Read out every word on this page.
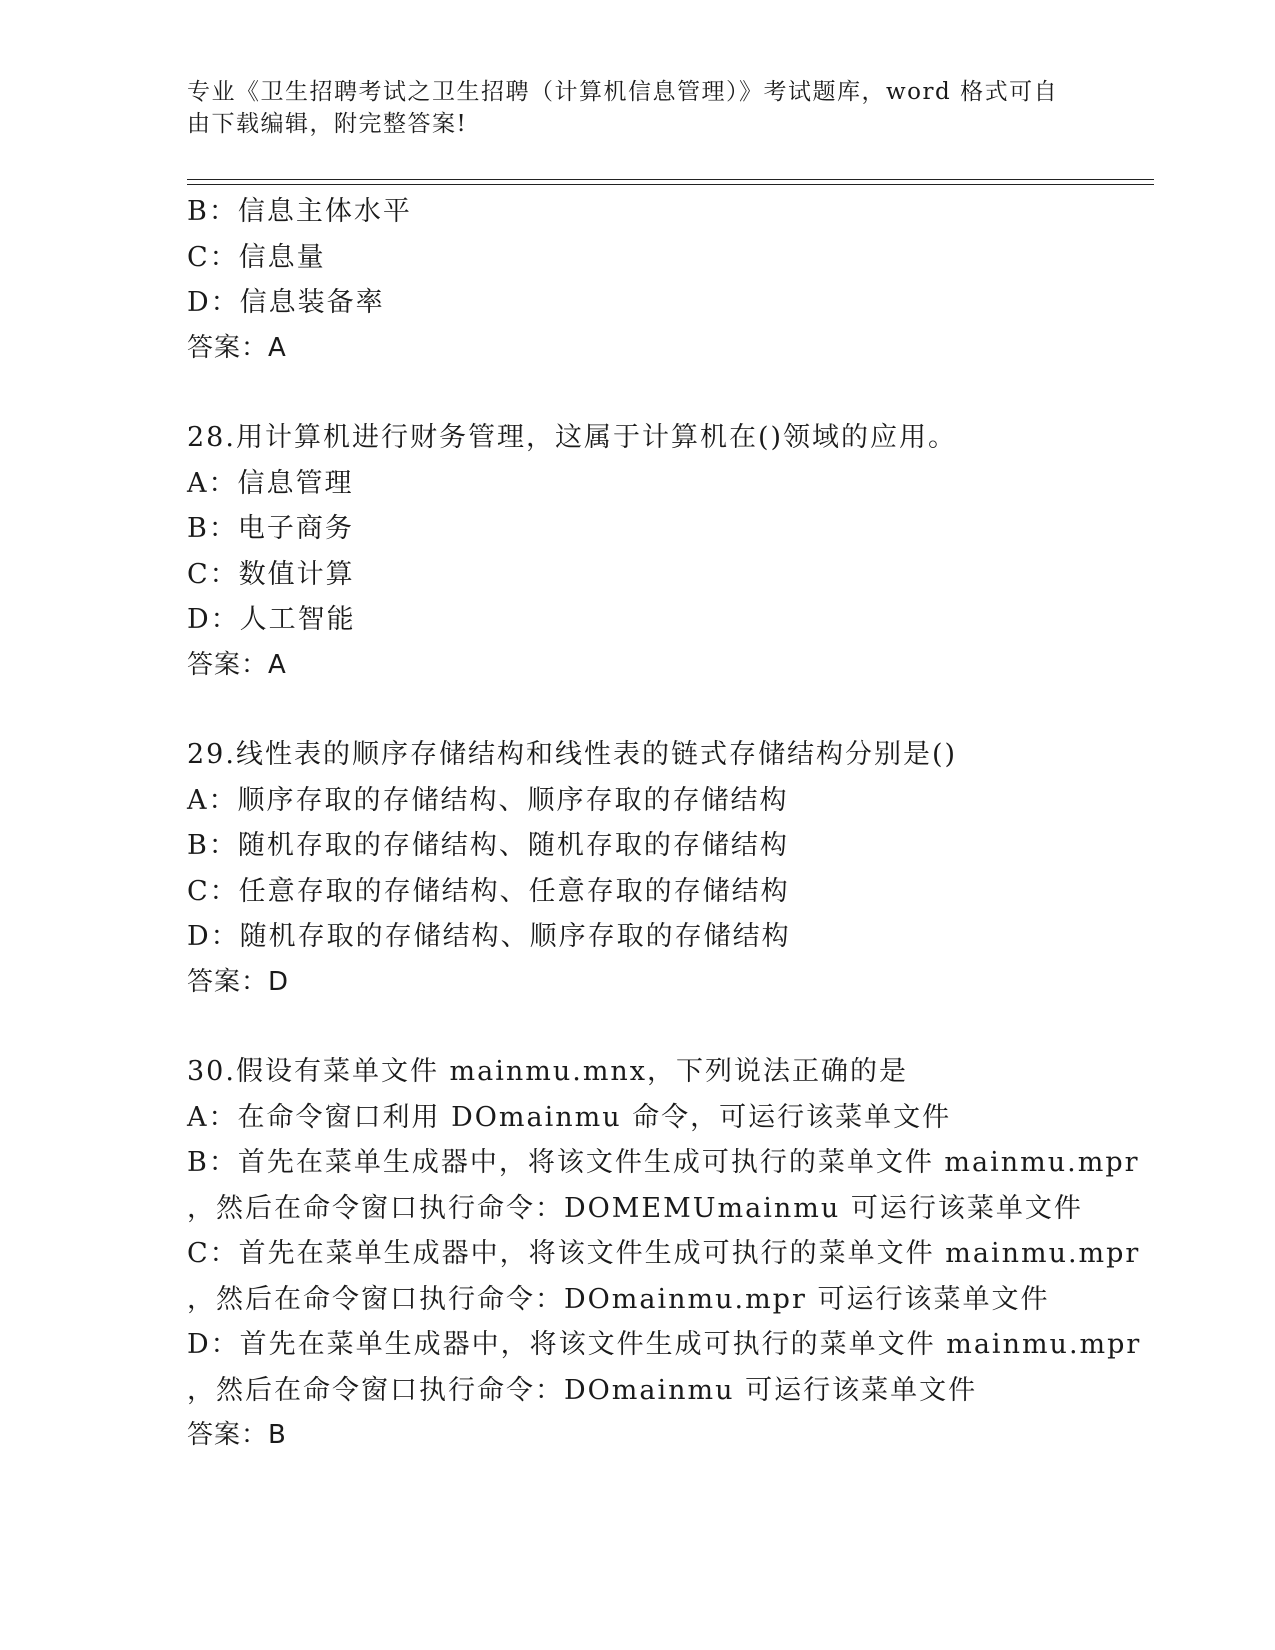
专业《卫生招聘考试之卫生招聘（计算机信息管理）》考试题库，word 格式可自
由下载编辑，附完整答案!
B：信息主体水平
C：信息量
D：信息装备率
答案：A
28.用计算机进行财务管理，这属于计算机在()领域的应用。
A：信息管理
B：电子商务
C：数值计算
D：人工智能
答案：A
29.线性表的顺序存储结构和线性表的链式存储结构分别是()
A：顺序存取的存储结构、顺序存取的存储结构
B：随机存取的存储结构、随机存取的存储结构
C：任意存取的存储结构、任意存取的存储结构
D：随机存取的存储结构、顺序存取的存储结构
答案：D
30.假设有菜单文件 mainmu.mnx，下列说法正确的是
A：在命令窗口利用 DOmainmu 命令，可运行该菜单文件
B：首先在菜单生成器中，将该文件生成可执行的菜单文件 mainmu.mpr
，然后在命令窗口执行命令：DOMEMUmainmu 可运行该菜单文件
C：首先在菜单生成器中，将该文件生成可执行的菜单文件 mainmu.mpr
，然后在命令窗口执行命令：DOmainmu.mpr 可运行该菜单文件
D：首先在菜单生成器中，将该文件生成可执行的菜单文件 mainmu.mpr
，然后在命令窗口执行命令：DOmainmu 可运行该菜单文件
答案：B
